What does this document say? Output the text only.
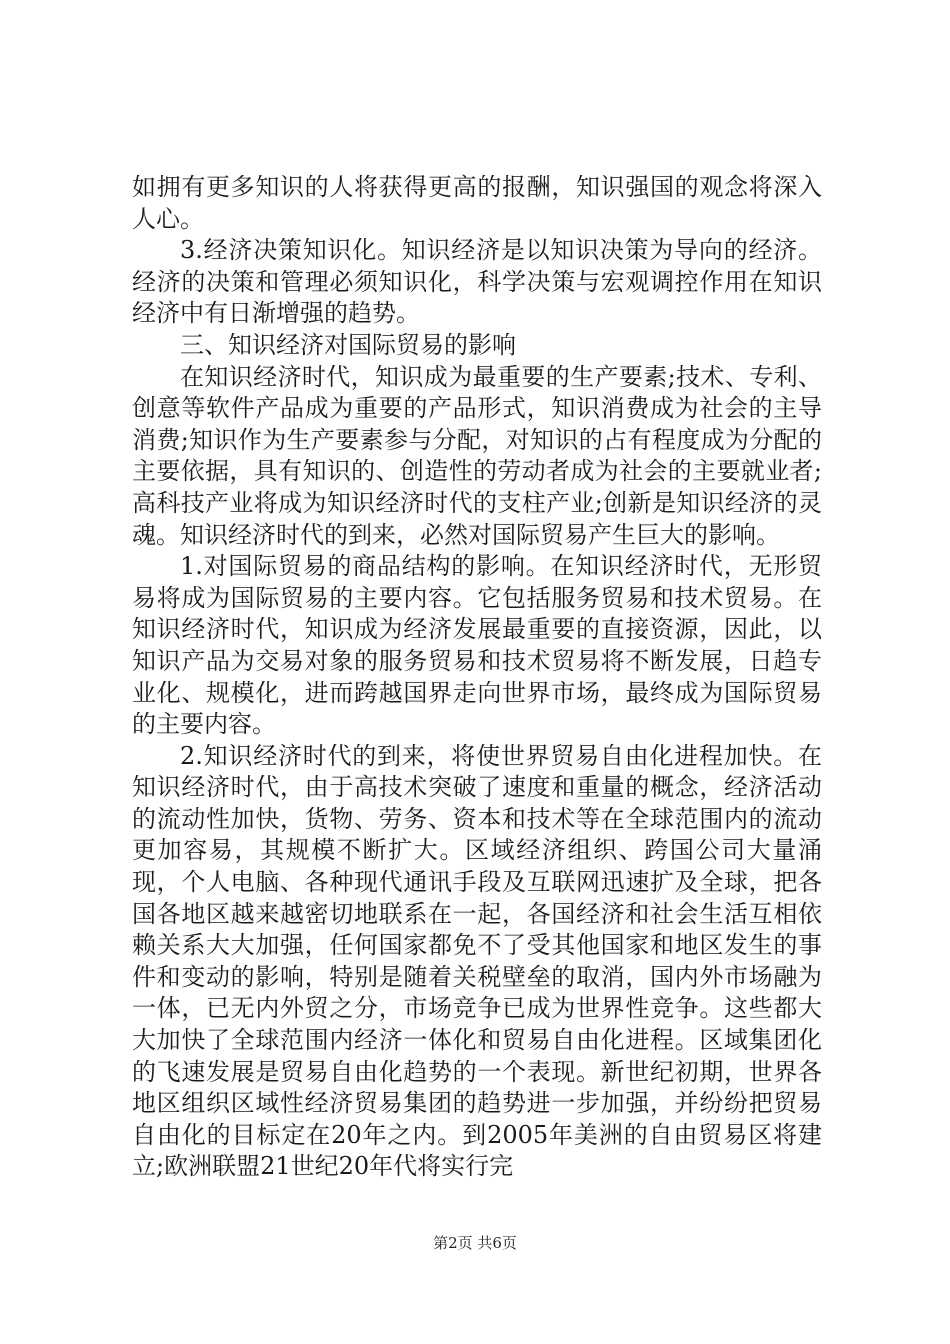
如拥有更多知识的人将获得更高的报酬，知识强国的观念将深入人心。

3.经济决策知识化。知识经济是以知识决策为导向的经济。经济的决策和管理必须知识化，科学决策与宏观调控作用在知识经济中有日渐增强的趋势。

三、知识经济对国际贸易的影响

在知识经济时代，知识成为最重要的生产要素;技术、专利、创意等软件产品成为重要的产品形式，知识消费成为社会的主导消费;知识作为生产要素参与分配，对知识的占有程度成为分配的主要依据，具有知识的、创造性的劳动者成为社会的主要就业者;高科技产业将成为知识经济时代的支柱产业;创新是知识经济的灵魂。知识经济时代的到来，必然对国际贸易产生巨大的影响。

1.对国际贸易的商品结构的影响。在知识经济时代，无形贸易将成为国际贸易的主要内容。它包括服务贸易和技术贸易。在知识经济时代，知识成为经济发展最重要的直接资源，因此，以知识产品为交易对象的服务贸易和技术贸易将不断发展，日趋专业化、规模化，进而跨越国界走向世界市场，最终成为国际贸易的主要内容。

2.知识经济时代的到来，将使世界贸易自由化进程加快。在知识经济时代，由于高技术突破了速度和重量的概念，经济活动的流动性加快，货物、劳务、资本和技术等在全球范围内的流动更加容易，其规模不断扩大。区域经济组织、跨国公司大量涌现，个人电脑、各种现代通讯手段及互联网迅速扩及全球，把各国各地区越来越密切地联系在一起，各国经济和社会生活互相依赖关系大大加强，任何国家都免不了受其他国家和地区发生的事件和变动的影响，特别是随着关税壁垒的取消，国内外市场融为一体，已无内外贸之分，市场竞争已成为世界性竞争。这些都大大加快了全球范围内经济一体化和贸易自由化进程。区域集团化的飞速发展是贸易自由化趋势的一个表现。新世纪初期，世界各地区组织区域性经济贸易集团的趋势进一步加强，并纷纷把贸易自由化的目标定在20年之内。到2005年美洲的自由贸易区将建立;欧洲联盟21世纪20年代将实行完

第2页 共6页
